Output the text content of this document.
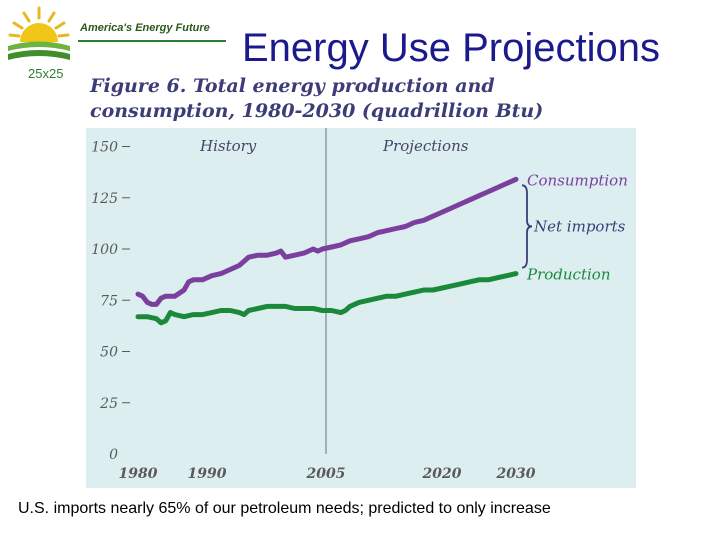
25x25
America's Energy Future Energy Use Projections
Figure 6. Total energy production and
consumption, 1980-2030 (quadrillion Btu)
0
25
50
75
100
125
150
1980 1990	2005	2020	2030
History	Projections
Consumption
Production
Net imports
U.S. imports nearly 65% of our petroleum needs; predicted to only increase
